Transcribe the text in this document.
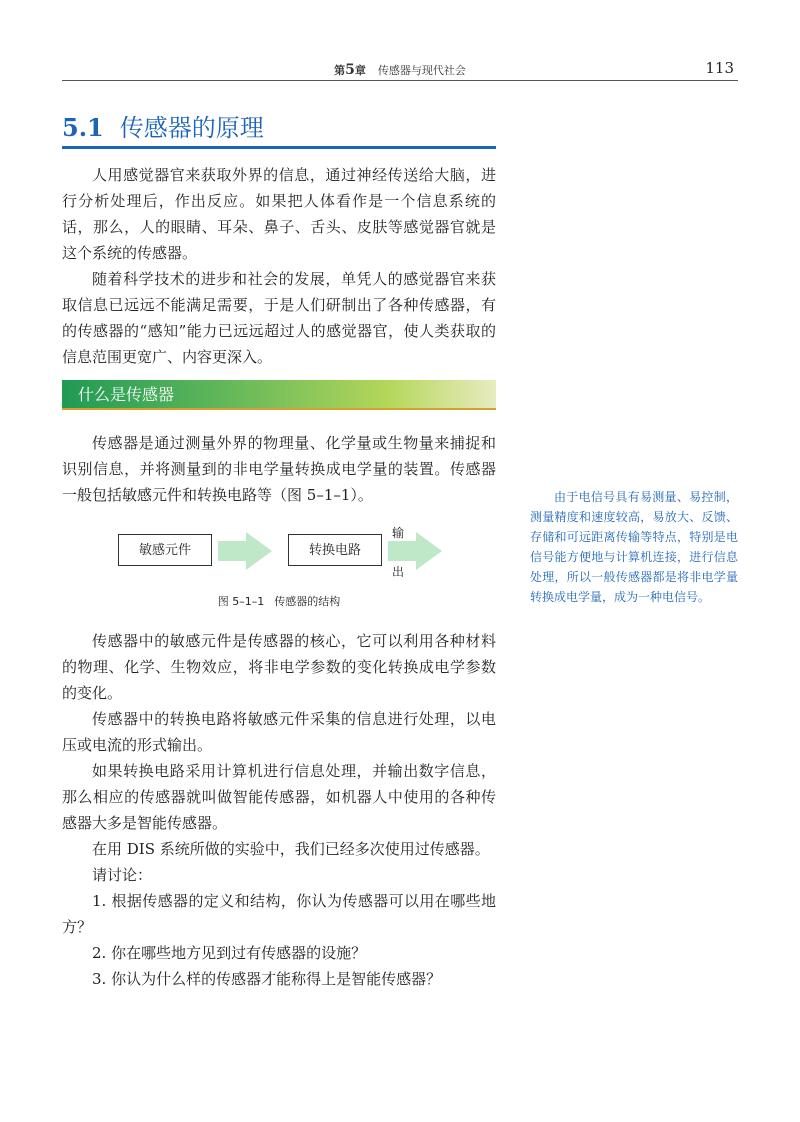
第5章 传感器与现代社会	113
5.1 传感器的原理

人用感觉器官来获取外界的信息，通过神经传送给大脑，进行分析处理后，作出反应。如果把人体看作是一个信息系统的话，那么，人的眼睛、耳朵、鼻子、舌头、皮肤等感觉器官就是这个系统的传感器。

随着科学技术的进步和社会的发展，单凭人的感觉器官来获取信息已远远不能满足需要，于是人们研制出了各种传感器，有的传感器的“感知”能力已远远超过人的感觉器官，使人类获取的信息范围更宽广、内容更深入。

什么是传感器

传感器是通过测量外界的物理量、化学量或生物量来捕捉和识别信息，并将测量到的非电学量转换成电学量的装置。传感器一般包括敏感元件和转换电路等（图 5–1–1）。

敏感元件	转换电路
输
出
图 5–1–1 传感器的结构

传感器中的敏感元件是传感器的核心，它可以利用各种材料的物理、化学、生物效应，将非电学参数的变化转换成电学参数的变化。

传感器中的转换电路将敏感元件采集的信息进行处理，以电压或电流的形式输出。

如果转换电路采用计算机进行信息处理，并输出数字信息，那么相应的传感器就叫做智能传感器，如机器人中使用的各种传感器大多是智能传感器。

在用 DIS 系统所做的实验中，我们已经多次使用过传感器。

请讨论：

1. 根据传感器的定义和结构，你认为传感器可以用在哪些地方？

2. 你在哪些地方见到过有传感器的设施？

3. 你认为什么样的传感器才能称得上是智能传感器？

由于电信号具有易测量、易控制，测量精度和速度较高，易放大、反馈、存储和可远距离传输等特点，特别是电信号能方便地与计算机连接，进行信息处理，所以一般传感器都是将非电学量转换成电学量，成为一种电信号。
